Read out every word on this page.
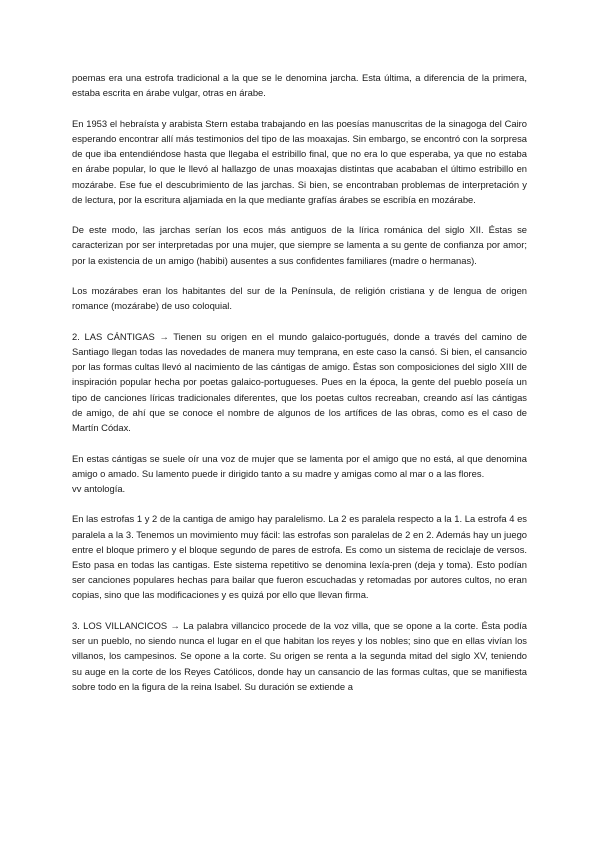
poemas era una estrofa tradicional a la que se le denomina jarcha. Esta última, a diferencia de la primera, estaba escrita en árabe vulgar, otras en árabe.

En 1953 el hebraísta y arabista Stern estaba trabajando en las poesías manuscritas de la sinagoga del Cairo esperando encontrar allí más testimonios del tipo de las moaxajas. Sin embargo, se encontró con la sorpresa de que iba entendiéndose hasta que llegaba el estribillo final, que no era lo que esperaba, ya que no estaba en árabe popular, lo que le llevó al hallazgo de unas moaxajas distintas que acababan el último estribillo en mozárabe. Ese fue el descubrimiento de las jarchas. Si bien, se encontraban problemas de interpretación y de lectura, por la escritura aljamiada en la que mediante grafías árabes se escribía en mozárabe.

De este modo, las jarchas serían los ecos más antiguos de la lírica románica del siglo XII. Éstas se caracterizan por ser interpretadas por una mujer, que siempre se lamenta a su gente de confianza por amor; por la existencia de un amigo (habibi) ausentes a sus confidentes familiares (madre o hermanas).

Los mozárabes eran los habitantes del sur de la Península, de religión cristiana y de lengua de origen romance (mozárabe) de uso coloquial.

2. LAS CÁNTIGAS → Tienen su origen en el mundo galaico-portugués, donde a través del camino de Santiago llegan todas las novedades de manera muy temprana, en este caso la cansó. Si bien, el cansancio por las formas cultas llevó al nacimiento de las cántigas de amigo. Éstas son composiciones del siglo XIII de inspiración popular hecha por poetas galaico-portugueses. Pues en la época, la gente del pueblo poseía un tipo de canciones líricas tradicionales diferentes, que los poetas cultos recreaban, creando así las cántigas de amigo, de ahí que se conoce el nombre de algunos de los artífices de las obras, como es el caso de Martín Códax.

En estas cántigas se suele oír una voz de mujer que se lamenta por el amigo que no está, al que denomina amigo o amado. Su lamento puede ir dirigido tanto a su madre y amigas como al mar o a las flores.

vv antología.

En las estrofas 1 y 2 de la cantiga de amigo hay paralelismo. La 2 es paralela respecto a la 1. La estrofa 4 es paralela a la 3. Tenemos un movimiento muy fácil: las estrofas son paralelas de 2 en 2. Además hay un juego entre el bloque primero y el bloque segundo de pares de estrofa. Es como un sistema de reciclaje de versos. Esto pasa en todas las cantigas. Este sistema repetitivo se denomina lexía-pren (deja y toma). Esto podían ser canciones populares hechas para bailar que fueron escuchadas y retomadas por autores cultos, no eran copias, sino que las modificaciones y es quizá por ello que llevan firma.

3. LOS VILLANCICOS → La palabra villancico procede de la voz villa, que se opone a la corte. Ésta podía ser un pueblo, no siendo nunca el lugar en el que habitan los reyes y los nobles; sino que en ellas vivían los villanos, los campesinos. Se opone a la corte. Su origen se renta a la segunda mitad del siglo XV, teniendo su auge en la corte de los Reyes Católicos, donde hay un cansancio de las formas cultas, que se manifiesta sobre todo en la figura de la reina Isabel. Su duración se extiende a
